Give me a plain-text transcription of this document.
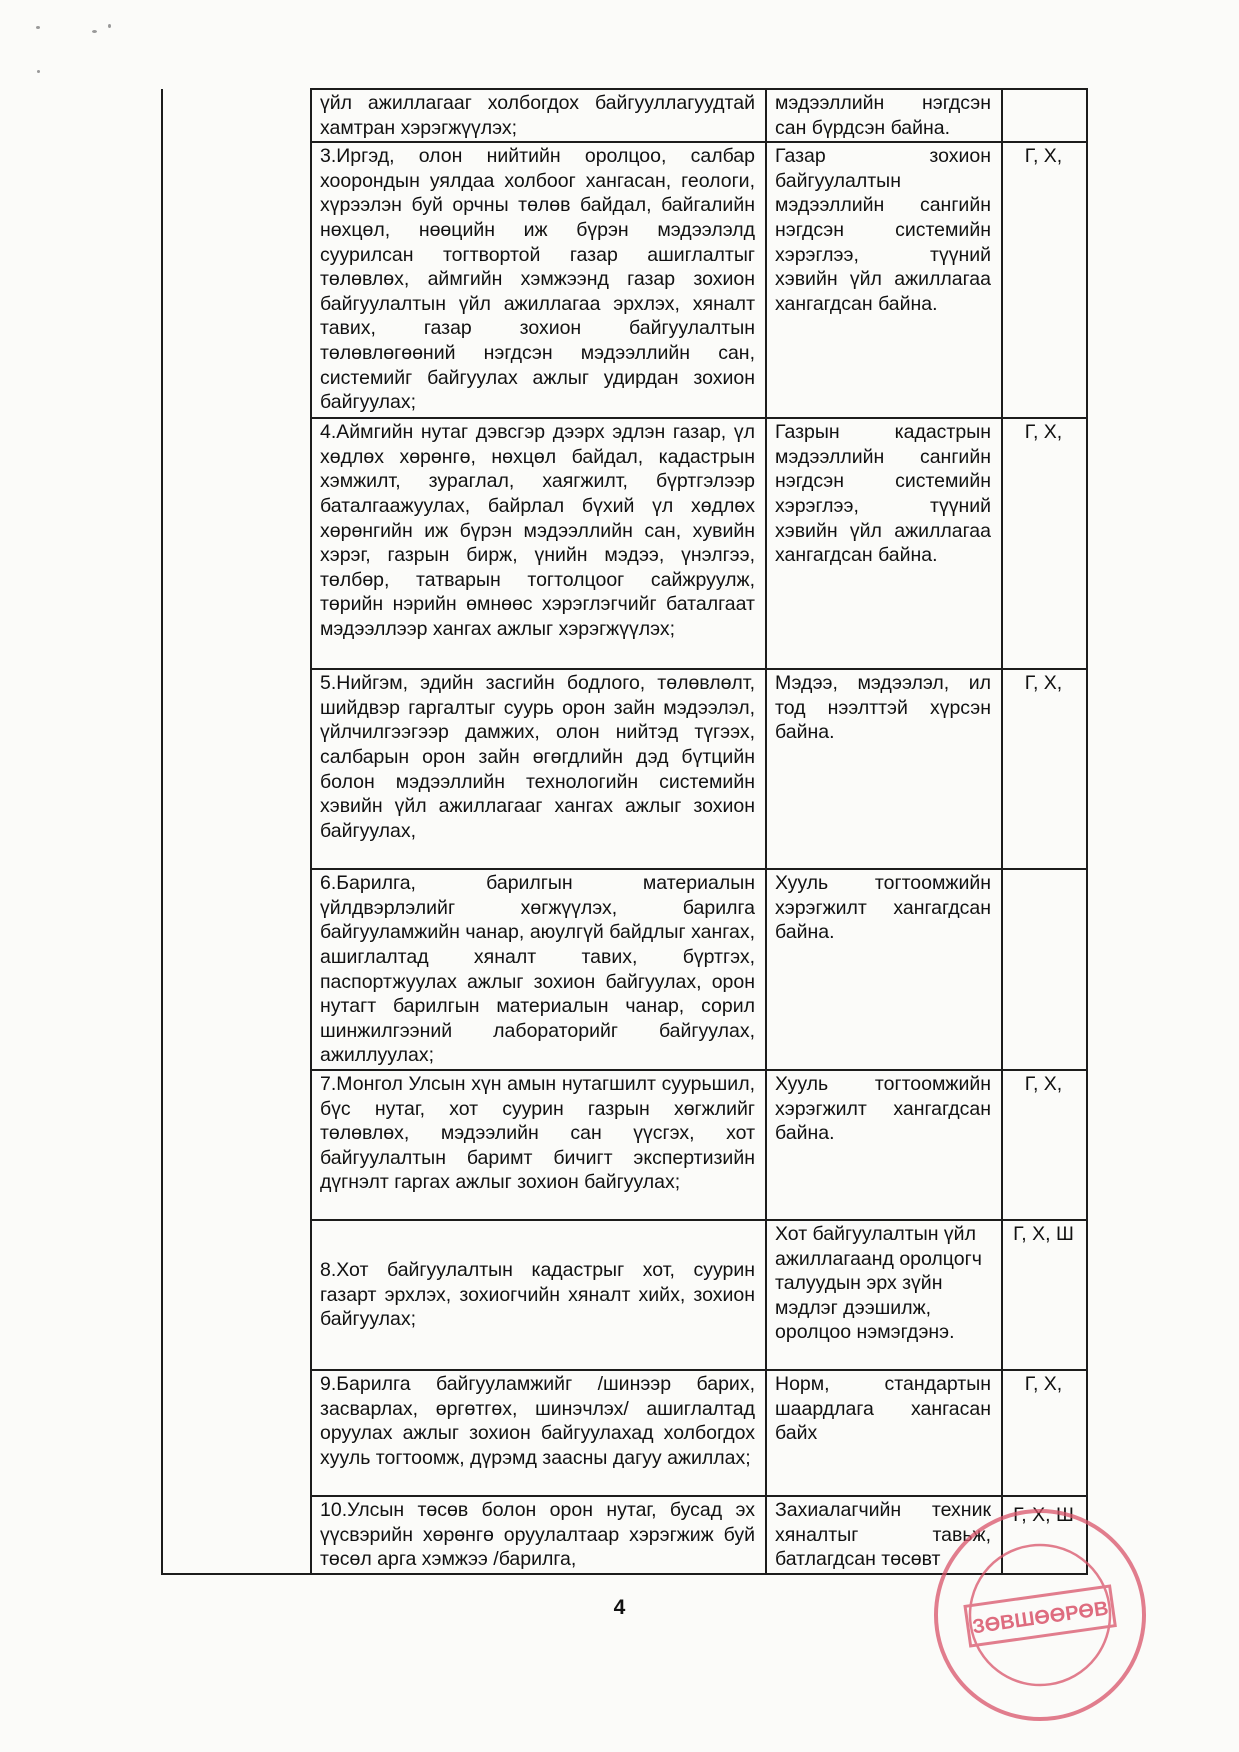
	үйл ажиллагааг холбогдох байгууллагуудтай хамтран хэрэгжүүлэх;	мэдээллийн нэгдсэн сан бүрдсэн байна.	
	3.Иргэд, олон нийтийн оролцоо, салбар хоорондын уялдаа холбоог хангасан, геологи, хүрээлэн буй орчны төлөв байдал, байгалийн нөхцөл, нөөцийн иж бүрэн мэдээлэлд суурилсан тогтвортой газар ашиглалтыг төлөвлөх, аймгийн хэмжээнд газар зохион байгуулалтын үйл ажиллагаа эрхлэх, хяналт тавих, газар зохион байгуулалтын төлөвлөгөөний нэгдсэн мэдээллийн сан, системийг байгуулах ажлыг удирдан зохион байгуулах;	Газар зохион байгуулалтын мэдээллийн сангийн нэгдсэн системийн хэрэглээ, түүний хэвийн үйл ажиллагаа хангагдсан байна.	Г, Х,
	4.Аймгийн нутаг дэвсгэр дээрх эдлэн газар, үл хөдлөх хөрөнгө, нөхцөл байдал, кадастрын хэмжилт, зураглал, хаягжилт, бүртгэлээр баталгаажуулах, байрлал бүхий үл хөдлөх хөрөнгийн иж бүрэн мэдээллийн сан, хувийн хэрэг, газрын бирж, үнийн мэдээ, үнэлгээ, төлбөр, татварын тогтолцоог сайжруулж, төрийн нэрийн өмнөөс хэрэглэгчийг баталгаат мэдээллээр хангах ажлыг хэрэгжүүлэх;	Газрын кадастрын мэдээллийн сангийн нэгдсэн системийн хэрэглээ, түүний хэвийн үйл ажиллагаа хангагдсан байна.	Г, Х,
	5.Нийгэм, эдийн засгийн бодлого, төлөвлөлт, шийдвэр гаргалтыг суурь орон зайн мэдээлэл, үйлчилгээгээр дамжих, олон нийтэд түгээх, салбарын орон зайн өгөгдлийн дэд бүтцийн болон мэдээллийн технологийн системийн хэвийн үйл ажиллагааг хангах ажлыг зохион байгуулах,	Мэдээ, мэдээлэл, ил тод нээлттэй хүрсэн байна.	Г, Х,
	6.Барилга, барилгын материалын үйлдвэрлэлийг хөгжүүлэх, барилга байгууламжийн чанар, аюулгүй байдлыг хангах, ашиглалтад хяналт тавих, бүртгэх, паспортжуулах ажлыг зохион байгуулах, орон нутагт барилгын материалын чанар, сорил шинжилгээний лабораторийг байгуулах, ажиллуулах;	Хууль тогтоомжийн хэрэгжилт хангагдсан байна.	
	7.Монгол Улсын хүн амын нутагшилт суурьшил, бүс нутаг, хот суурин газрын хөгжлийг төлөвлөх, мэдээлийн сан үүсгэх, хот байгуулалтын баримт бичигт экспертизийн дүгнэлт гаргах ажлыг зохион байгуулах;	Хууль тогтоомжийн хэрэгжилт хангагдсан байна.	Г, Х,
	8.Хот байгуулалтын кадастрыг хот, суурин газарт эрхлэх, зохиогчийн хяналт хийх, зохион байгуулах;	Хот байгуулалтын үйл ажиллагаанд оролцогч талуудын эрх зүйн мэдлэг дээшилж, оролцоо нэмэгдэнэ.	Г, Х, Ш
	9.Барилга байгууламжийг /шинээр барих, засварлах, өргөтгөх, шинэчлэх/ ашиглалтад оруулах ажлыг зохион байгуулахад холбогдох хууль тогтоомж, дүрэмд заасны дагуу ажиллах;	Норм, стандартын шаардлага хангасан байх	Г, Х,
	10.Улсын төсөв болон орон нутаг, бусад эх үүсвэрийн хөрөнгө оруулалтаар хэрэгжиж буй төсөл арга хэмжээ /барилга,	Захиалагчийн техник хяналтыг тавьж, батлагдсан төсөвт	Г, Х, Ш
4	ЗӨВШӨӨРӨВ
